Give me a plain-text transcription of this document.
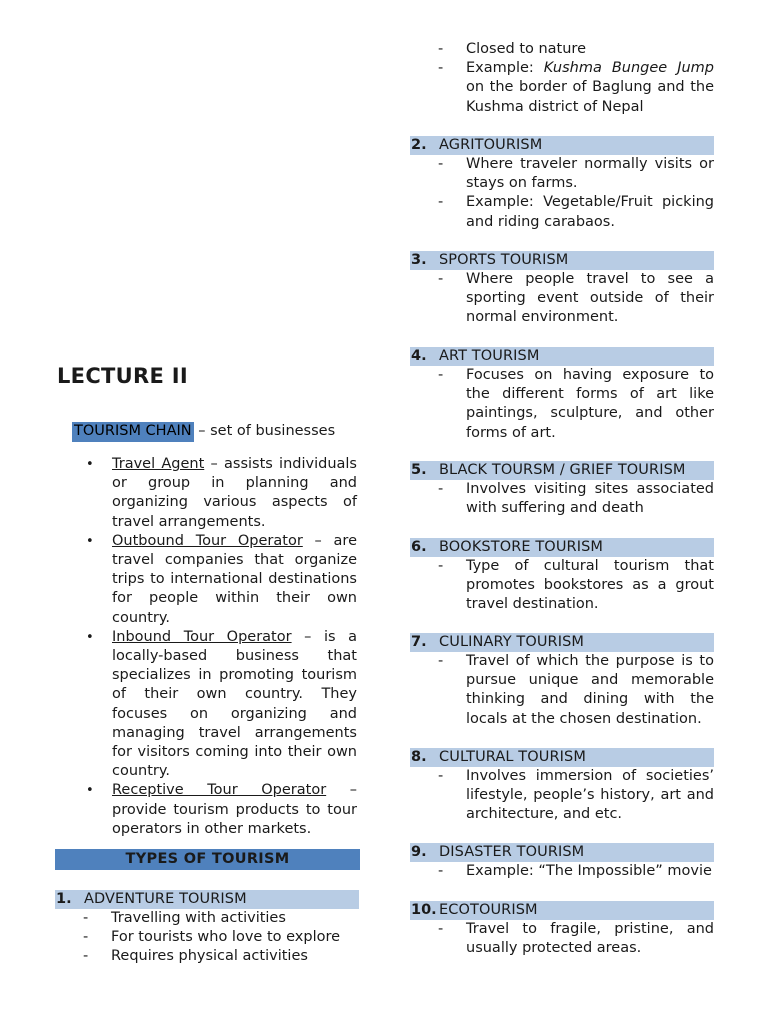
- Closed to nature
- Example: Kushma Bungee Jump on the border of Baglung and the Kushma district of Nepal
2. AGRITOURISM
- Where traveler normally visits or stays on farms.
- Example: Vegetable/Fruit picking and riding carabaos.
3. SPORTS TOURISM
- Where people travel to see a sporting event outside of their normal environment.
4. ART TOURISM
- Focuses on having exposure to the different forms of art like paintings, sculpture, and other forms of art.
5. BLACK TOURSM / GRIEF TOURISM
- Involves visiting sites associated with suffering and death
6. BOOKSTORE TOURISM
- Type of cultural tourism that promotes bookstores as a grout travel destination.
7. CULINARY TOURISM
- Travel of which the purpose is to pursue unique and memorable thinking and dining with the locals at the chosen destination.
8. CULTURAL TOURISM
- Involves immersion of societies’ lifestyle, people’s history, art and architecture, and etc.
9. DISASTER TOURISM
- Example: “The Impossible” movie
10. ECOTOURISM
- Travel to fragile, pristine, and usually protected areas.
LECTURE II
TOURISM CHAIN – set of businesses
• Travel Agent – assists individuals or group in planning and organizing various aspects of travel arrangements.
• Outbound Tour Operator – are travel companies that organize trips to international destinations for people within their own country.
• Inbound Tour Operator – is a locally-based business that specializes in promoting tourism of their own country. They focuses on organizing and managing travel arrangements for visitors coming into their own country.
• Receptive Tour Operator – provide tourism products to tour operators in other markets.
TYPES OF TOURISM
1. ADVENTURE TOURISM
- Travelling with activities
- For tourists who love to explore
- Requires physical activities
